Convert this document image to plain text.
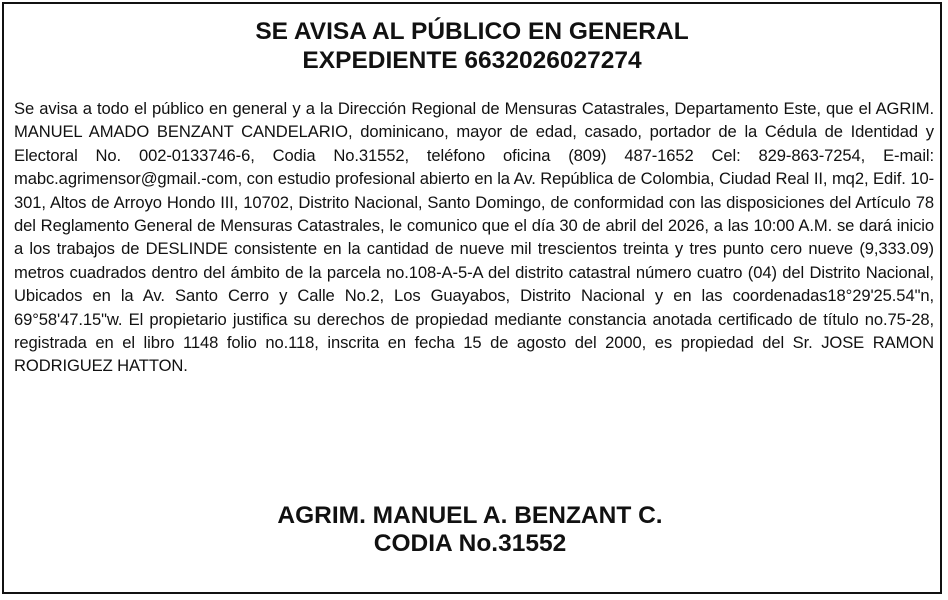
SE AVISA AL PÚBLICO EN GENERAL
EXPEDIENTE 6632026027274

Se avisa a todo el público en general y a la Dirección Regional de Mensuras Catastrales, Departamento Este, que el AGRIM. MANUEL AMADO BENZANT CANDELARIO, dominicano, mayor de edad, casado, portador de la Cédula de Identidad y Electoral No. 002-0133746-6, Codia No.31552, teléfono oficina (809) 487-1652 Cel: 829-863-7254, E-mail: mabc.agrimensor@gmail.-com, con estudio profesional abierto en la Av. República de Colombia, Ciudad Real II, mq2, Edif. 10-301, Altos de Arroyo Hondo III, 10702, Distrito Nacional, Santo Domingo, de conformidad con las disposiciones del Artículo 78 del Reglamento General de Mensuras Catastrales, le comunico que el día 30 de abril del 2026, a las 10:00 A.M. se dará inicio a los trabajos de DESLINDE consistente en la cantidad de nueve mil trescientos treinta y tres punto cero nueve (9,333.09) metros cuadrados dentro del ámbito de la parcela no.108-A-5-A del distrito catastral número cuatro (04) del Distrito Nacional, Ubicados en la Av. Santo Cerro y Calle No.2, Los Guayabos, Distrito Nacional y en las coordenadas18°29'25.54"n, 69°58'47.15"w. El propietario justifica su derechos de propiedad mediante constancia anotada certificado de título no.75-28, registrada en el libro 1148 folio no.118, inscrita en fecha 15 de agosto del 2000, es propiedad del Sr. JOSE RAMON RODRIGUEZ HATTON.

AGRIM. MANUEL A. BENZANT C.
CODIA No.31552
